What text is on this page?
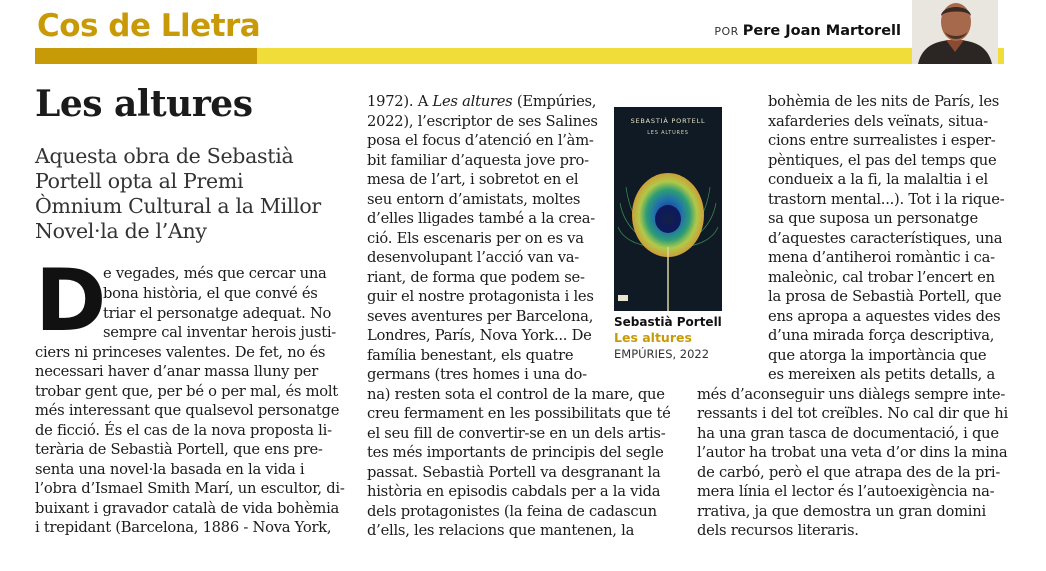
Cos de Lletra	POR Pere Joan Martorell
Les altures

Aquesta obra de Sebastià

Portell opta al Premi

Òmnium Cultural a la Millor

Novel·la de l’Any

D

e vegades, més que cercar una

bona història, el que convé és

triar el personatge adequat. No

sempre cal inventar herois justi-

ciers ni princeses valentes. De fet, no és

necessari haver d’anar massa lluny per

trobar gent que, per bé o per mal, és molt

més interessant que qualsevol personatge

de ficció. És el cas de la nova proposta li-

terària de Sebastià Portell, que ens pre-

senta una novel·la basada en la vida i

l’obra d’Ismael Smith Marí, un escultor, di-

buixant i gravador català de vida bohèmia

i trepidant (Barcelona, 1886 - Nova York,

1972). A Les altures (Empúries,

2022), l’escriptor de ses Salines

posa el focus d’atenció en l’àm-

bit familiar d’aquesta jove pro-

mesa de l’art, i sobretot en el

seu entorn d’amistats, moltes

d’elles lligades també a la crea-

ció. Els escenaris per on es va

desenvolupant l’acció van va-

riant, de forma que podem se-

guir el nostre protagonista i les

seves aventures per Barcelona,

Londres, París, Nova York... De

família benestant, els quatre

germans (tres homes i una do-

na) resten sota el control de la mare, que

creu fermament en les possibilitats que té

el seu fill de convertir-se en un dels artis-

tes més importants de principis del segle

passat. Sebastià Portell va desgranant la

història en episodis cabdals per a la vida

dels protagonistes (la feina de cadascun

d’ells, les relacions que mantenen, la

SEBASTIÀ PORTELL
LES ALTURES
Sebastià Portell
Les altures
EMPÚRIES, 2022

bohèmia de les nits de París, les

xafarderies dels veïnats, situa-

cions entre surrealistes i esper-

pèntiques, el pas del temps que

condueix a la fi, la malaltia i el

trastorn mental...). Tot i la rique-

sa que suposa un personatge

d’aquestes característiques, una

mena d’antiheroi romàntic i ca-

maleònic, cal trobar l’encert en

la prosa de Sebastià Portell, que

ens apropa a aquestes vides des

d’una mirada força descriptiva,

que atorga la importància que

es mereixen als petits detalls, a

més d’aconseguir uns diàlegs sempre inte-

ressants i del tot creïbles. No cal dir que hi

ha una gran tasca de documentació, i que

l’autor ha trobat una veta d’or dins la mina

de carbó, però el que atrapa des de la pri-

mera línia el lector és l’autoexigència na-

rrativa, ja que demostra un gran domini

dels recursos literaris.
